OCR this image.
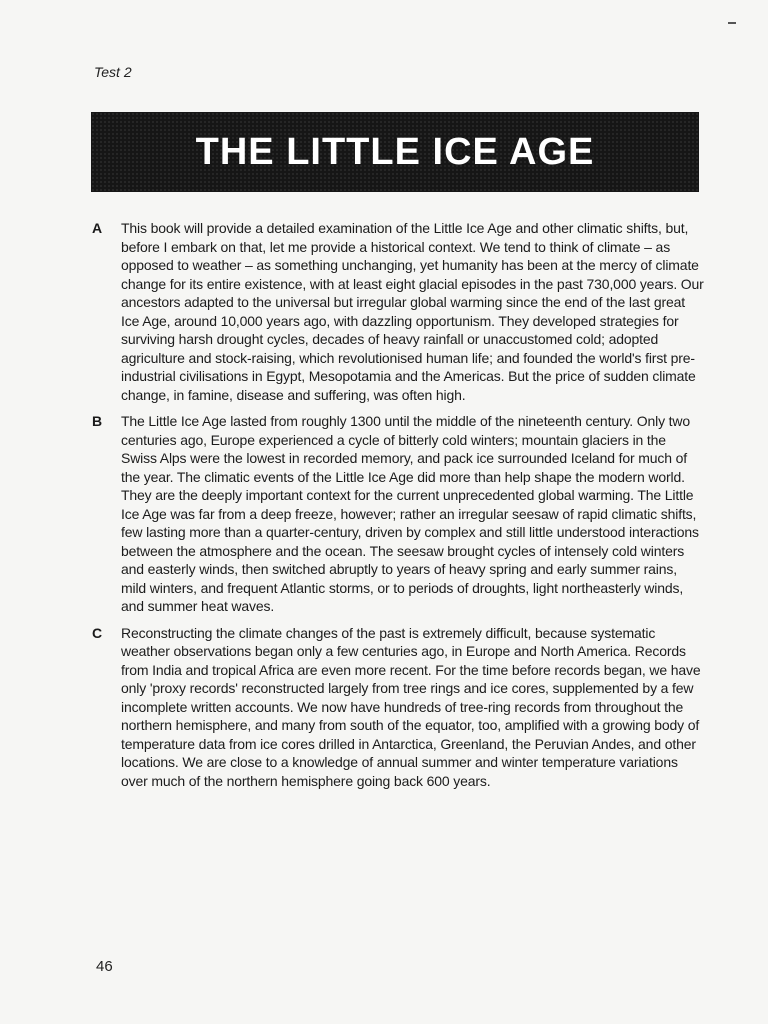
Test 2
THE LITTLE ICE AGE
A	This book will provide a detailed examination of the Little Ice Age and other climatic shifts, but, before I embark on that, let me provide a historical context. We tend to think of climate – as opposed to weather – as something unchanging, yet humanity has been at the mercy of climate change for its entire existence, with at least eight glacial episodes in the past 730,000 years. Our ancestors adapted to the universal but irregular global warming since the end of the last great Ice Age, around 10,000 years ago, with dazzling opportunism. They developed strategies for surviving harsh drought cycles, decades of heavy rainfall or unaccustomed cold; adopted agriculture and stock-raising, which revolutionised human life; and founded the world's first pre-industrial civilisations in Egypt, Mesopotamia and the Americas. But the price of sudden climate change, in famine, disease and suffering, was often high.
B	The Little Ice Age lasted from roughly 1300 until the middle of the nineteenth century. Only two centuries ago, Europe experienced a cycle of bitterly cold winters; mountain glaciers in the Swiss Alps were the lowest in recorded memory, and pack ice surrounded Iceland for much of the year. The climatic events of the Little Ice Age did more than help shape the modern world. They are the deeply important context for the current unprecedented global warming. The Little Ice Age was far from a deep freeze, however; rather an irregular seesaw of rapid climatic shifts, few lasting more than a quarter-century, driven by complex and still little understood interactions between the atmosphere and the ocean. The seesaw brought cycles of intensely cold winters and easterly winds, then switched abruptly to years of heavy spring and early summer rains, mild winters, and frequent Atlantic storms, or to periods of droughts, light northeasterly winds, and summer heat waves.
C	Reconstructing the climate changes of the past is extremely difficult, because systematic weather observations began only a few centuries ago, in Europe and North America. Records from India and tropical Africa are even more recent. For the time before records began, we have only 'proxy records' reconstructed largely from tree rings and ice cores, supplemented by a few incomplete written accounts. We now have hundreds of tree-ring records from throughout the northern hemisphere, and many from south of the equator, too, amplified with a growing body of temperature data from ice cores drilled in Antarctica, Greenland, the Peruvian Andes, and other locations. We are close to a knowledge of annual summer and winter temperature variations over much of the northern hemisphere going back 600 years.
46
